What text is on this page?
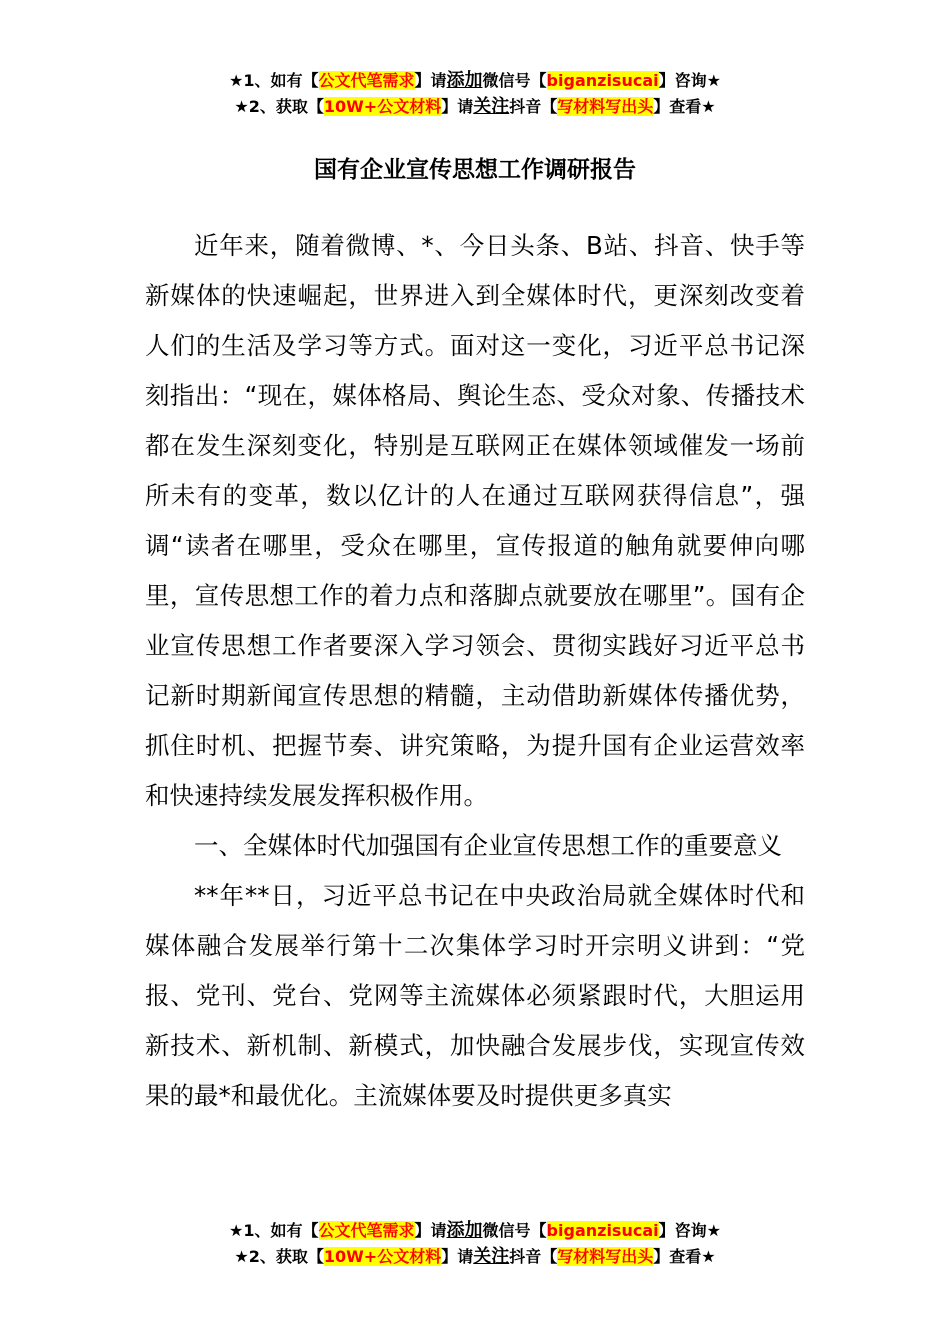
★1、如有【公文代笔需求】请添加微信号【biganzisucai】咨询★
★2、获取【10W+公文材料】请关注抖音【写材料写出头】查看★
国有企业宣传思想工作调研报告

近年来，随着微博、*、今日头条、B站、抖音、快手等新媒体的快速崛起，世界进入到全媒体时代，更深刻改变着人们的生活及学习等方式。面对这一变化，习近平总书记深刻指出：“现在，媒体格局、舆论生态、受众对象、传播技术都在发生深刻变化，特别是互联网正在媒体领域催发一场前所未有的变革，数以亿计的人在通过互联网获得信息”，强调“读者在哪里，受众在哪里，宣传报道的触角就要伸向哪里，宣传思想工作的着力点和落脚点就要放在哪里”。国有企业宣传思想工作者要深入学习领会、贯彻实践好习近平总书记新时期新闻宣传思想的精髓，主动借助新媒体传播优势，抓住时机、把握节奏、讲究策略，为提升国有企业运营效率和快速持续发展发挥积极作用。

一、全媒体时代加强国有企业宣传思想工作的重要意义

**年**日，习近平总书记在中央政治局就全媒体时代和媒体融合发展举行第十二次集体学习时开宗明义讲到：“党报、党刊、党台、党网等主流媒体必须紧跟时代，大胆运用新技术、新机制、新模式，加快融合发展步伐，实现宣传效果的最*和最优化。主流媒体要及时提供更多真实

★1、如有【公文代笔需求】请添加微信号【biganzisucai】咨询★
★2、获取【10W+公文材料】请关注抖音【写材料写出头】查看★
